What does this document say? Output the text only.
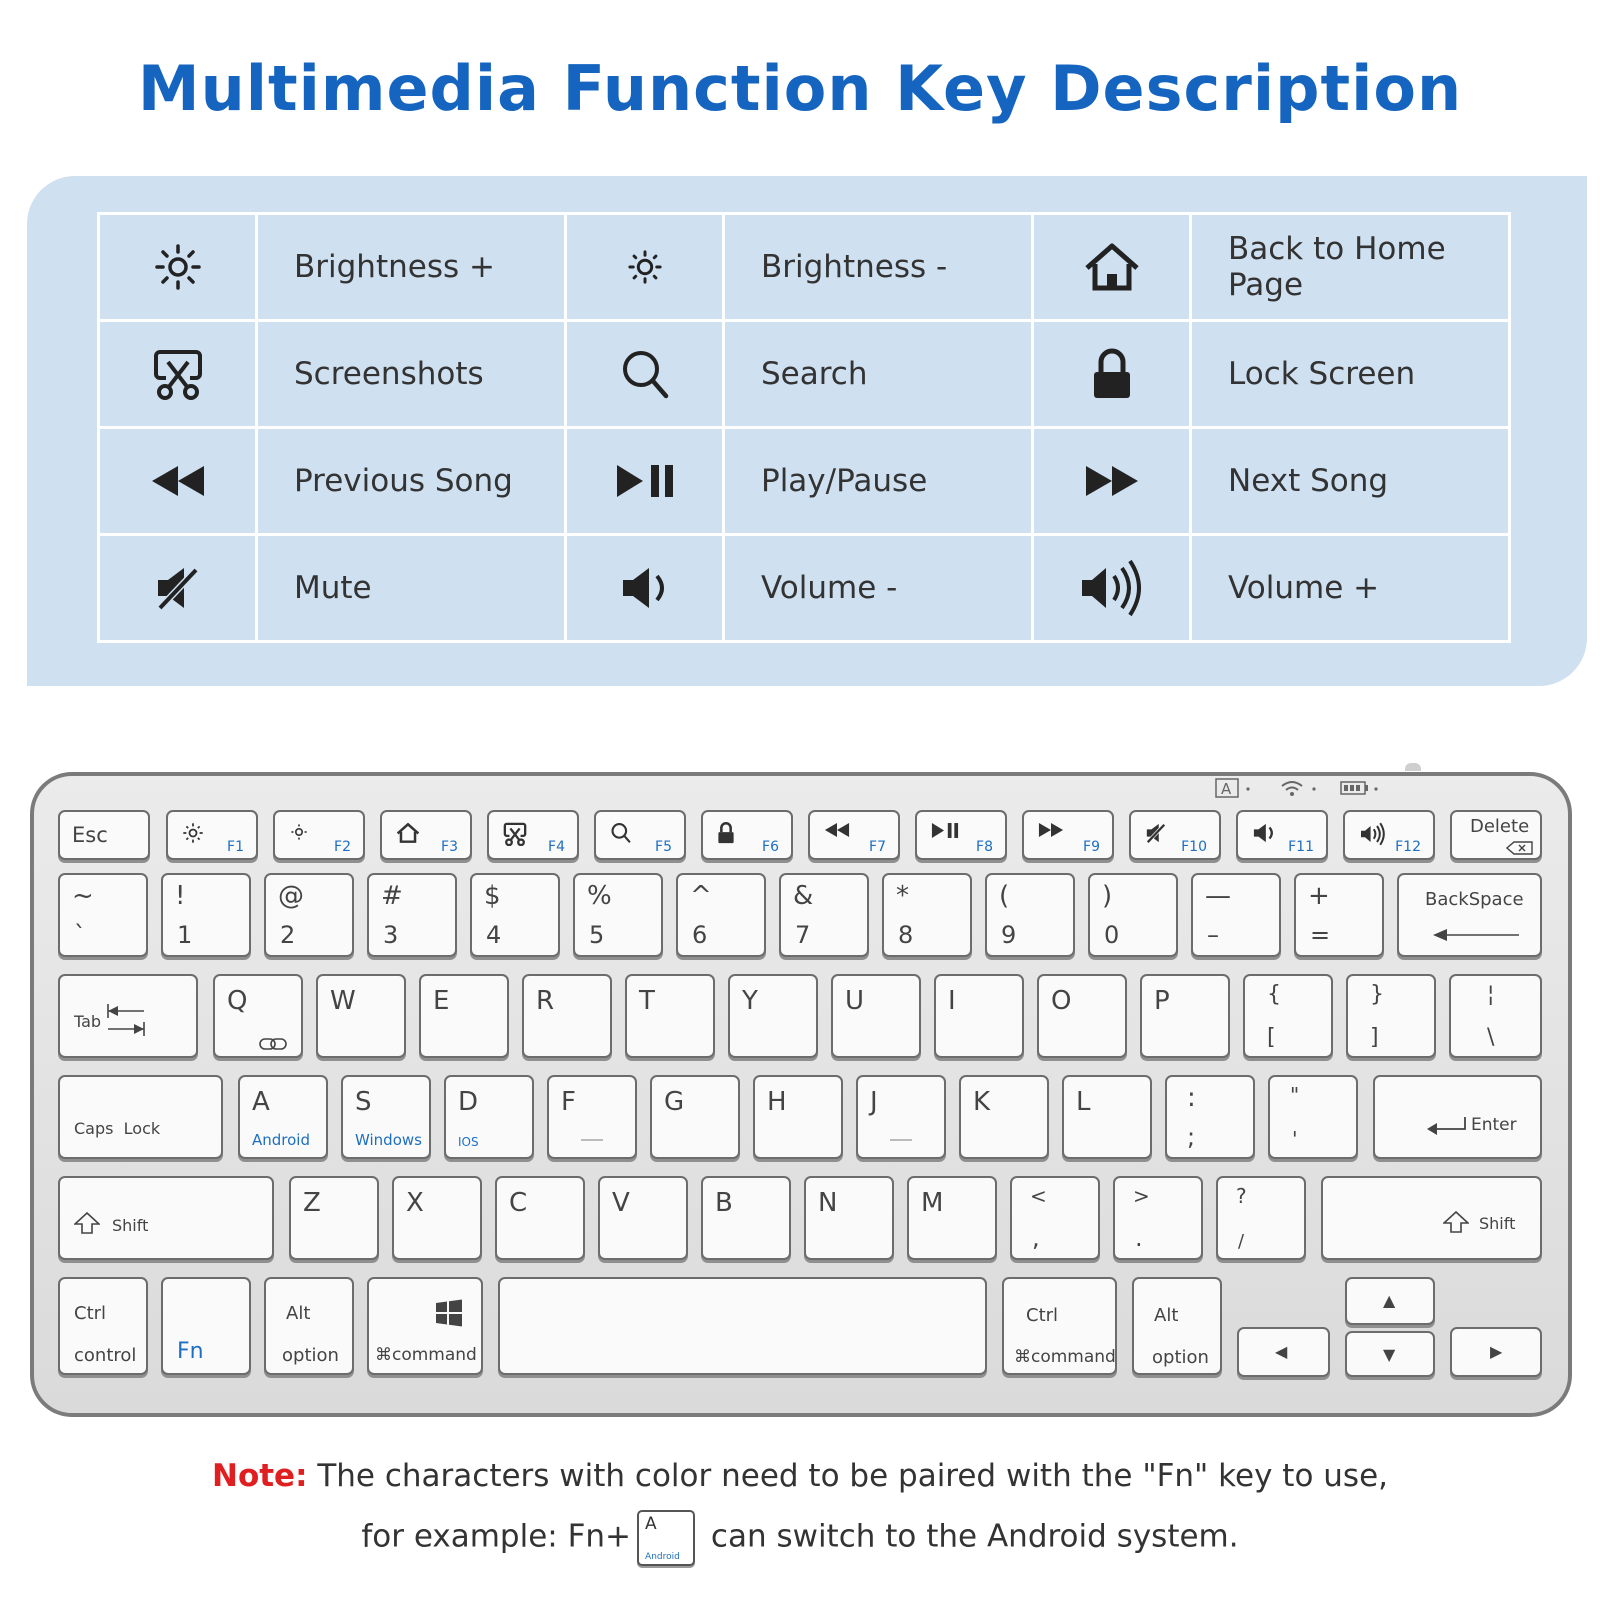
Multimedia Function Key Description
	Brightness +		Brightness -		Back to Home Page

	Screenshots		Search		Lock Screen

	Previous Song		Play/Pause		Next Song

	Mute		Volume -		Volume +
A
Esc	F1	F2	F3	F4	F5	F6	F7	F8	F9	F10	F11	F12
Delete
~
`
!
1
@
2
#
3
$
4
%
5
^
6
&
7
*
8
(
9
)
0
—
–
+
=
BackSpace
Tab
Q	W	E	R	T	Y	U	I	O	P	{
[
}
]
¦
\
Caps  Lock
A
Android
S
Windows
D
IOS
F	G	H	J	K	L	:
;
"
'
Enter
Shift
Z	X	C	V	B	N	M	<
,
>
.
?
/
Shift
Ctrl
control Fn
Alt
option ⌘command
Ctrl
⌘command
Alt
option
▲
▼
◀	▶
Note: The characters with color need to be paired with the "Fn" key to use,
for example: Fn+ A
Android
can switch to the Android system.
